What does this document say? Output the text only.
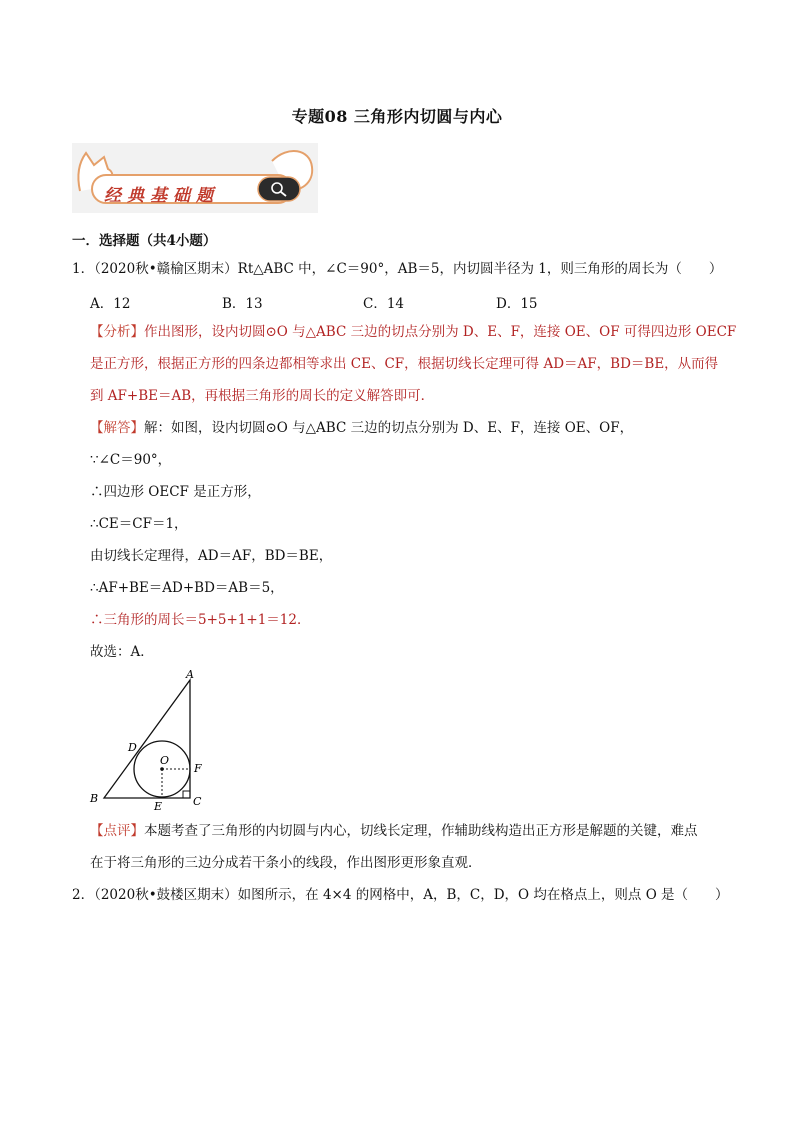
专题08 三角形内切圆与内心
经典基础题
一．选择题（共4小题）
1．（2020秋•赣榆区期末）Rt△ABC 中，∠C＝90°，AB＝5，内切圆半径为 1，则三角形的周长为（　　）
A．12	B．13	C．14	D．15
【分析】作出图形，设内切圆⊙O 与△ABC 三边的切点分别为 D、E、F，连接 OE、OF 可得四边形 OECF
是正方形，根据正方形的四条边都相等求出 CE、CF，根据切线长定理可得 AD＝AF，BD＝BE，从而得
到 AF+BE＝AB，再根据三角形的周长的定义解答即可．
【解答】解：如图，设内切圆⊙O 与△ABC 三边的切点分别为 D、E、F，连接 OE、OF，
∵∠C＝90°，
∴四边形 OECF 是正方形，
∴CE＝CF＝1，
由切线长定理得，AD＝AF，BD＝BE，
∴AF+BE＝AD+BD＝AB＝5，
∴三角形的周长＝5+5+1+1＝12．
故选：A．
A
B	C
D
E
F
O
【点评】本题考查了三角形的内切圆与内心，切线长定理，作辅助线构造出正方形是解题的关键，难点
在于将三角形的三边分成若干条小的线段，作出图形更形象直观．
2．（2020秋•鼓楼区期末）如图所示，在 4×4 的网格中，A，B，C，D，O 均在格点上，则点 O 是（　　）
